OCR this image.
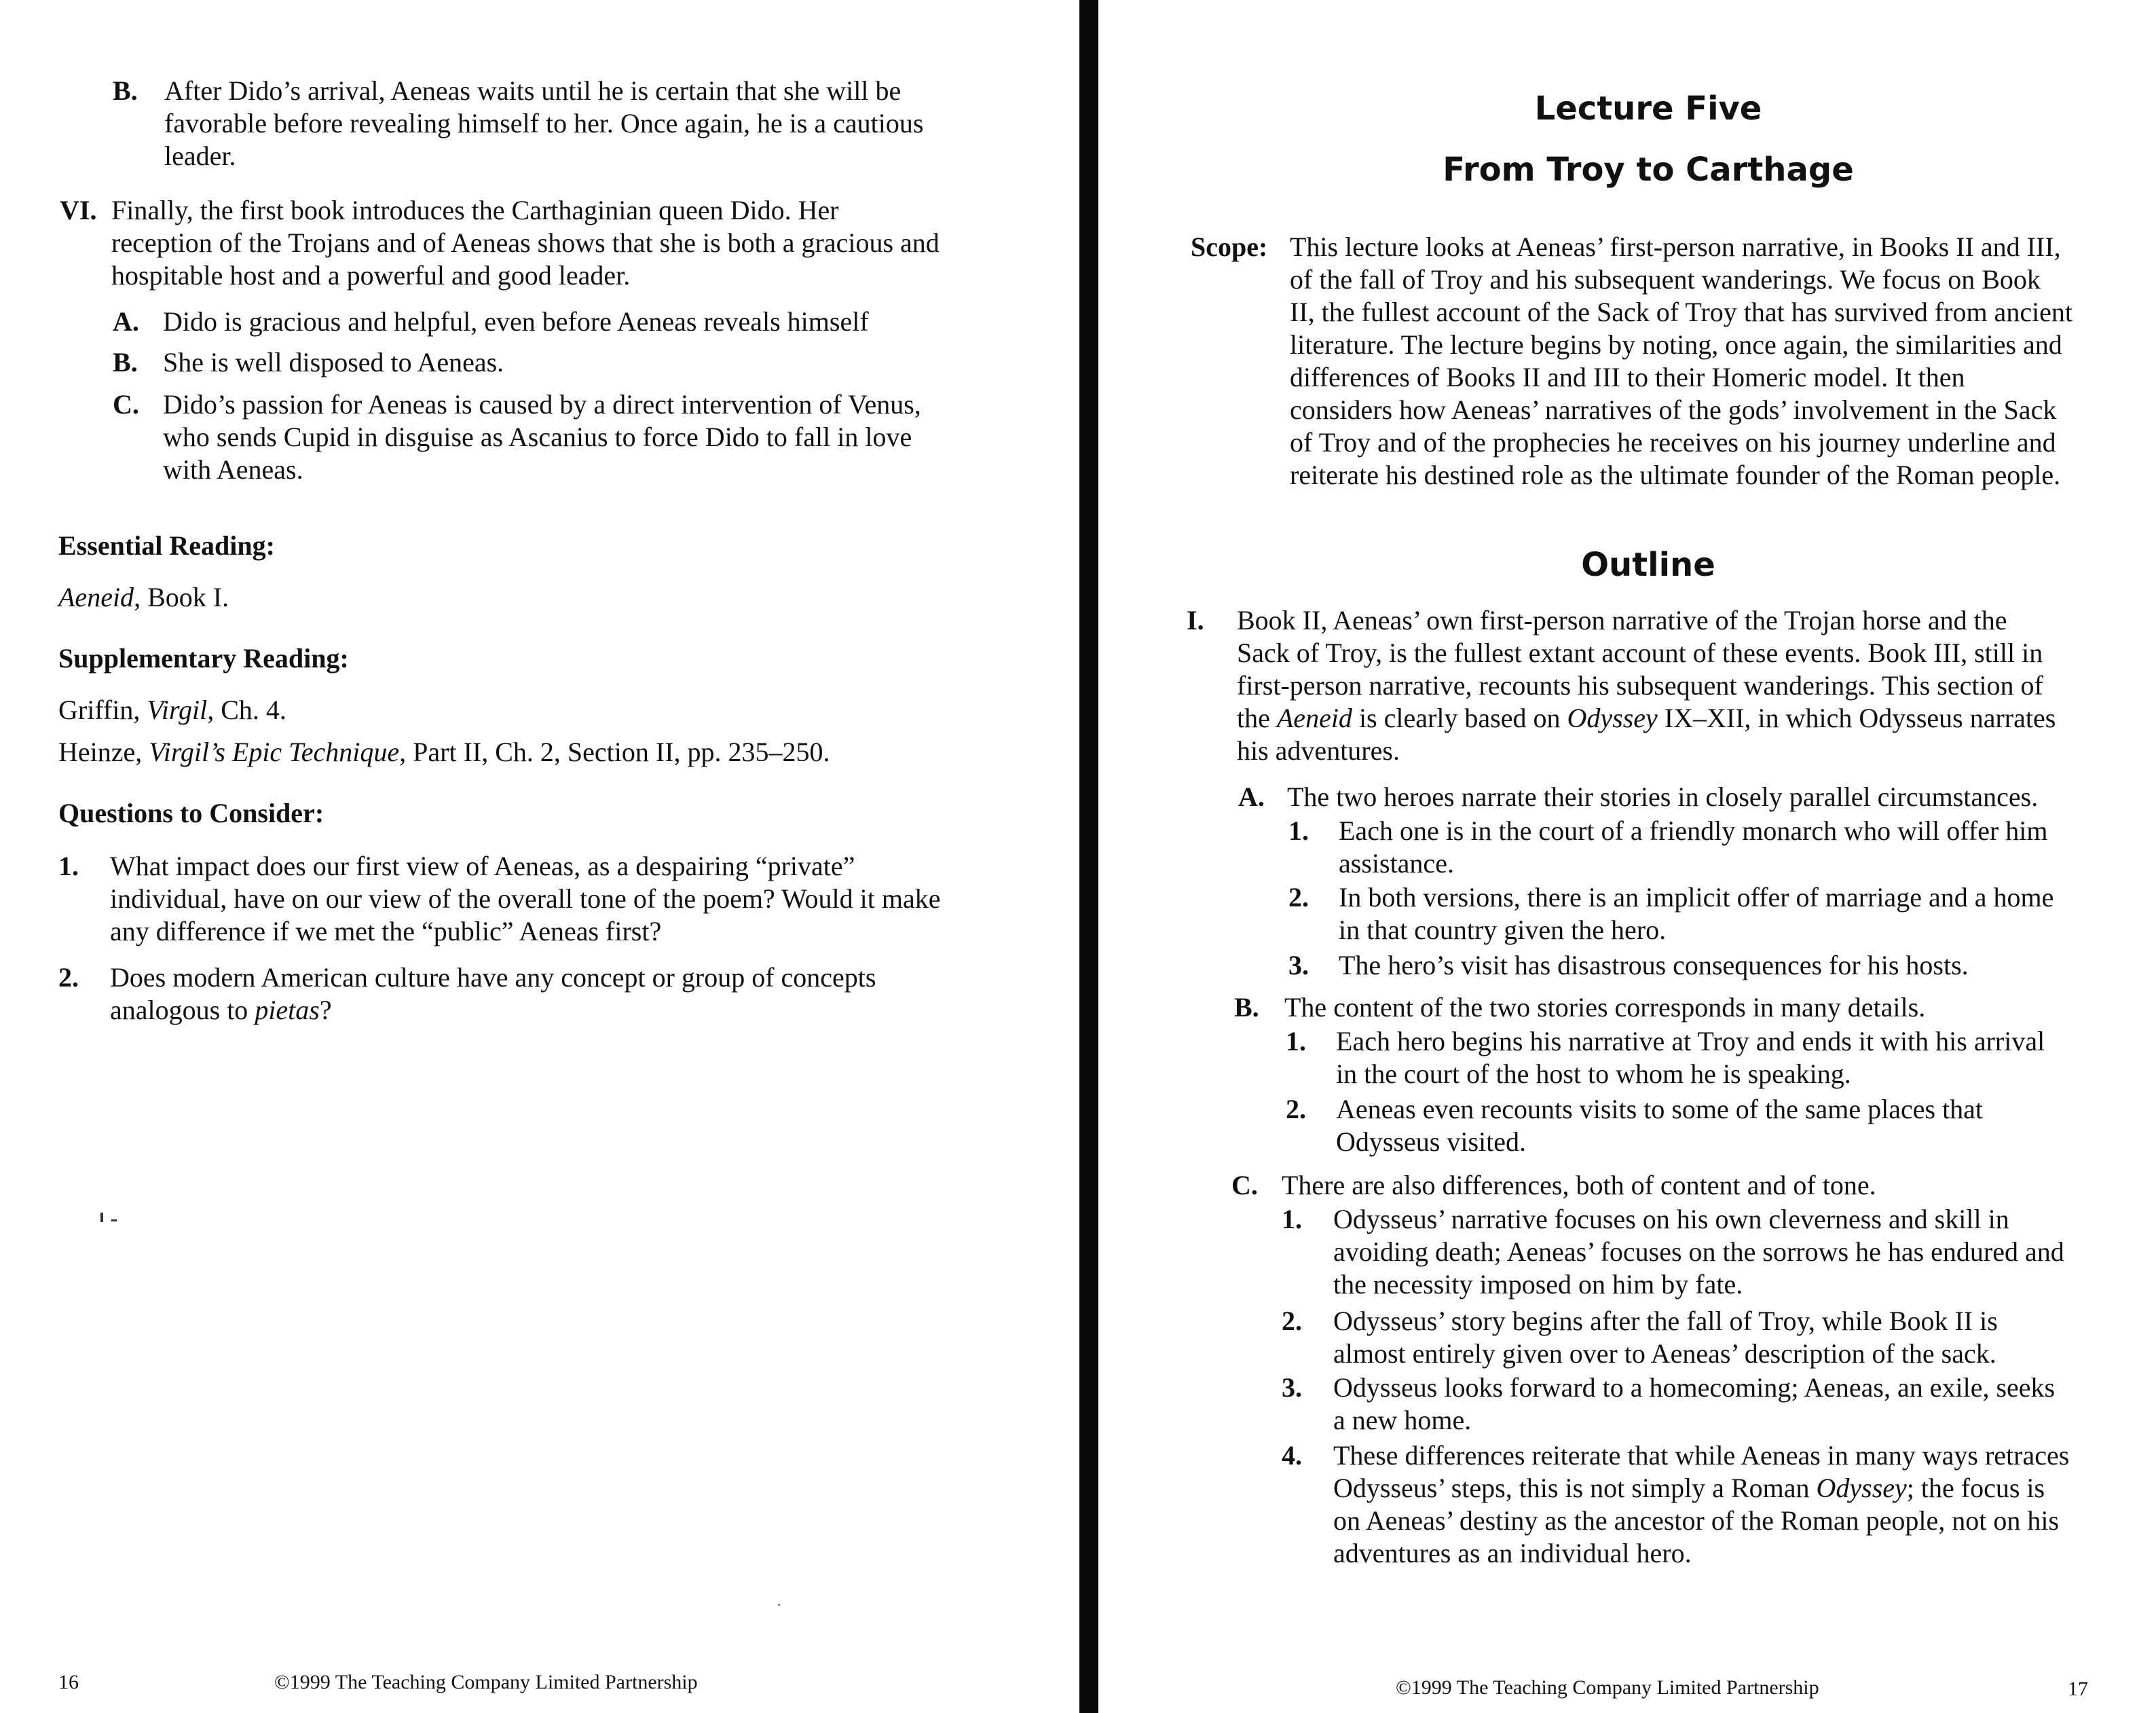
B. After Dido’s arrival, Aeneas waits until he is certain that she will be
favorable before revealing himself to her. Once again, he is a cautious
leader.
VI. Finally, the first book introduces the Carthaginian queen Dido. Her
reception of the Trojans and of Aeneas shows that she is both a gracious and
hospitable host and a powerful and good leader.
A. Dido is gracious and helpful, even before Aeneas reveals himself
B. She is well disposed to Aeneas.
C. Dido’s passion for Aeneas is caused by a direct intervention of Venus,
who sends Cupid in disguise as Ascanius to force Dido to fall in love
with Aeneas.
Essential Reading:
Aeneid, Book I.
Supplementary Reading:
Griffin, Virgil, Ch. 4.
Heinze, Virgil’s Epic Technique, Part II, Ch. 2, Section II, pp. 235–250.
Questions to Consider:
1. What impact does our first view of Aeneas, as a despairing “private”
individual, have on our view of the overall tone of the poem? Would it make
any difference if we met the “public” Aeneas first?
2. Does modern American culture have any concept or group of concepts
analogous to pietas?
16	©1999 The Teaching Company Limited Partnership
Lecture Five
From Troy to Carthage
Scope: This lecture looks at Aeneas’ first-person narrative, in Books II and III,
of the fall of Troy and his subsequent wanderings. We focus on Book
II, the fullest account of the Sack of Troy that has survived from ancient
literature. The lecture begins by noting, once again, the similarities and
differences of Books II and III to their Homeric model. It then
considers how Aeneas’ narratives of the gods’ involvement in the Sack
of Troy and of the prophecies he receives on his journey underline and
reiterate his destined role as the ultimate founder of the Roman people.
Outline
I. Book II, Aeneas’ own first-person narrative of the Trojan horse and the
Sack of Troy, is the fullest extant account of these events. Book III, still in
first-person narrative, recounts his subsequent wanderings. This section of
the Aeneid is clearly based on Odyssey IX–XII, in which Odysseus narrates
his adventures.
A. The two heroes narrate their stories in closely parallel circumstances.
1. Each one is in the court of a friendly monarch who will offer him
assistance.
2. In both versions, there is an implicit offer of marriage and a home
in that country given the hero.
3. The hero’s visit has disastrous consequences for his hosts.
B. The content of the two stories corresponds in many details.
1. Each hero begins his narrative at Troy and ends it with his arrival
in the court of the host to whom he is speaking.
2. Aeneas even recounts visits to some of the same places that
Odysseus visited.
C. There are also differences, both of content and of tone.
1. Odysseus’ narrative focuses on his own cleverness and skill in
avoiding death; Aeneas’ focuses on the sorrows he has endured and
the necessity imposed on him by fate.
2. Odysseus’ story begins after the fall of Troy, while Book II is
almost entirely given over to Aeneas’ description of the sack.
3. Odysseus looks forward to a homecoming; Aeneas, an exile, seeks
a new home.
4. These differences reiterate that while Aeneas in many ways retraces
Odysseus’ steps, this is not simply a Roman Odyssey; the focus is
on Aeneas’ destiny as the ancestor of the Roman people, not on his
adventures as an individual hero.
©1999 The Teaching Company Limited Partnership	17
